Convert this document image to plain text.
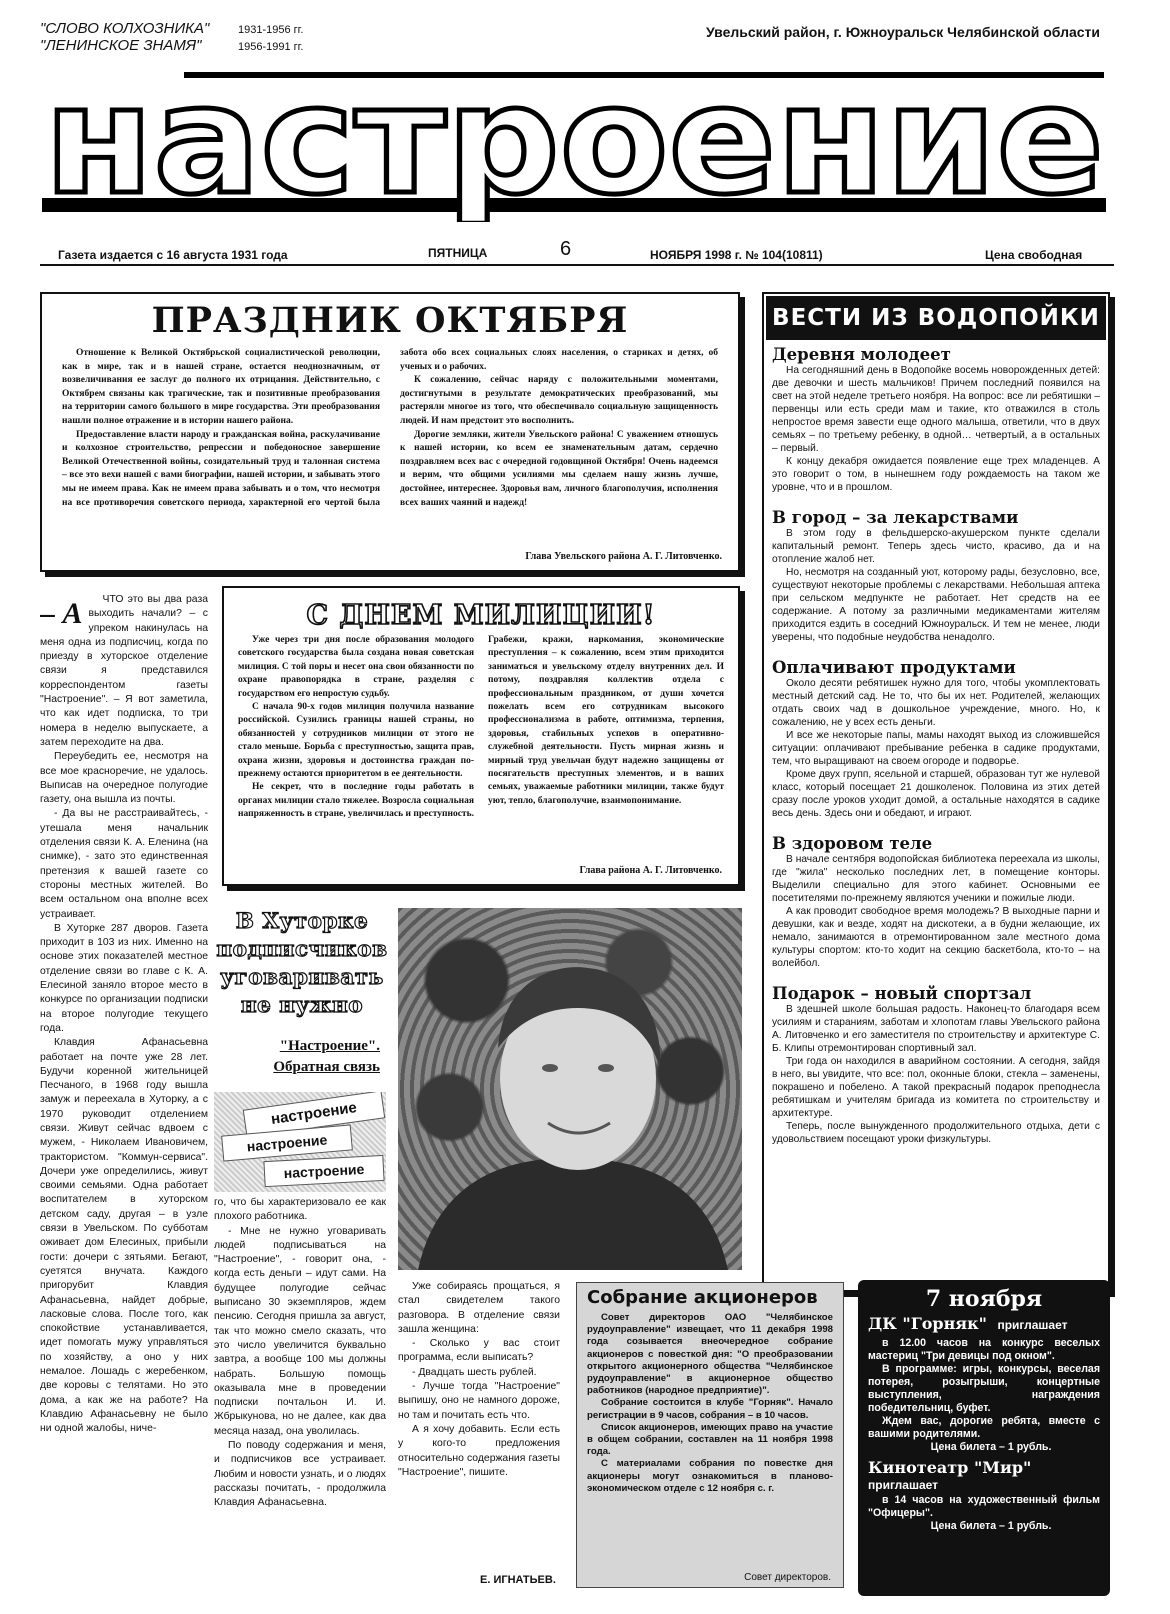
"СЛОВО КОЛХОЗНИКА"
"ЛЕНИНСКОЕ ЗНАМЯ"
1931-1956 гг.
1956-1991 гг.
Увельский район, г. Южноуральск Челябинской области
настроение
Газета издается с 16 августа 1931 года	ПЯТНИЦА	6	НОЯБРЯ 1998 г. № 104(10811)	Цена свободная
ПРАЗДНИК ОКТЯБРЯ

Отношение к Великой Октябрьской социалистической революции, как в мире, так и в нашей стране, остается неоднозначным, от возвеличивания ее заслуг до полного их отрицания. Действительно, с Октябрем связаны как трагические, так и позитивные преобразования на территории самого большого в мире государства. Эти преобразования нашли полное отражение и в истории нашего района.

Предоставление власти народу и гражданская война, раскулачивание и колхозное строительство, репрессии и победоносное завершение Великой Отечественной войны, созидательный труд и талонная система – все это вехи нашей с вами биографии, нашей истории, и забывать этого мы не имеем права. Как не имеем права забывать и о том, что несмотря на все противоречия советского периода, характерной его чертой была забота обо всех социальных слоях населения, о стариках и детях, об ученых и о рабочих.

К сожалению, сейчас наряду с положительными моментами, достигнутыми в результате демократических преобразований, мы растеряли многое из того, что обеспечивало социальную защищенность людей. И нам предстоит это восполнить.

Дорогие земляки, жители Увельского района! С уважением отношусь к нашей истории, ко всем ее знаменательным датам, сердечно поздравляем всех вас с очередной годовщиной Октября! Очень надеемся и верим, что общими усилиями мы сделаем нашу жизнь лучше, достойнее, интереснее. Здоровья вам, личного благополучия, исполнения всех ваших чаяний и надежд!

Глава Увельского района А. Г. Литовченко.
ВЕСТИ ИЗ ВОДОПОЙКИ
Деревня молодеет

На сегодняшний день в Водопойке восемь новорожденных детей: две девочки и шесть мальчиков! Причем последний появился на свет на этой неделе третьего ноября. На вопрос: все ли ребятишки – первенцы или есть среди мам и такие, кто отважился в столь непростое время завести еще одного малыша, ответили, что в двух семьях – по третьему ребенку, в одной… четвертый, а в остальных – первый.

К концу декабря ожидается появление еще трех младенцев. А это говорит о том, в нынешнем году рождаемость на таком же уровне, что и в прошлом.

В город – за лекарствами

В этом году в фельдшерско-акушерском пункте сделали капитальный ремонт. Теперь здесь чисто, красиво, да и на отопление жалоб нет.

Но, несмотря на созданный уют, которому рады, безусловно, все, существуют некоторые проблемы с лекарствами. Небольшая аптека при сельском медпункте не работает. Нет средств на ее содержание. А потому за различными медикаментами жителям приходится ездить в соседний Южноуральск. И тем не менее, люди уверены, что подобные неудобства ненадолго.

Оплачивают продуктами

Около десяти ребятишек нужно для того, чтобы укомплектовать местный детский сад. Не то, что бы их нет. Родителей, желающих отдать своих чад в дошкольное учреждение, много. Но, к сожалению, не у всех есть деньги.

И все же некоторые папы, мамы находят выход из сложившейся ситуации: оплачивают пребывание ребенка в садике продуктами, тем, что выращивают на своем огороде и подворье.

Кроме двух групп, ясельной и старшей, образован тут же нулевой класс, который посещает 21 дошколенок. Половина из этих детей сразу после уроков уходит домой, а остальные находятся в садике весь день. Здесь они и обедают, и играют.

В здоровом теле

В начале сентября водопойская библиотека переехала из школы, где "жила" несколько последних лет, в помещение конторы. Выделили специально для этого кабинет. Основными ее посетителями по-прежнему являются ученики и пожилые люди.

А как проводит свободное время молодежь? В выходные парни и девушки, как и везде, ходят на дискотеки, а в будни желающие, их немало, занимаются в отремонтированном зале местного дома культуры спортом: кто-то ходит на секцию баскетбола, кто-то – на волейбол.

Подарок – новый спортзал

В здешней школе большая радость. Наконец-то благодаря всем усилиям и стараниям, заботам и хлопотам главы Увельского района А. Литовченко и его заместителя по строительству и архитектуре С. Б. Клипы отремонтирован спортивный зал.

Три года он находился в аварийном состоянии. А сегодня, зайдя в него, вы увидите, что все: пол, оконные блоки, стекла – заменены, покрашено и побелено. А такой прекрасный подарок преподнесла ребятишкам и учителям бригада из комитета по строительству и архитектуре.

Теперь, после вынужденного продолжительного отдыха, дети с удовольствием посещают уроки физкультуры.

С ДНЕМ МИЛИЦИИ!

Уже через три дня после образования молодого советского государства была создана новая советская милиция. С той поры и несет она свои обязанности по охране правопорядка в стране, разделяя с государством его непростую судьбу.

С начала 90-х годов милиция получила название российской. Сузились границы нашей страны, но обязанностей у сотрудников милиции от этого не стало меньше. Борьба с преступностью, защита прав, охрана жизни, здоровья и достоинства граждан по-прежнему остаются приоритетом в ее деятельности.

Не секрет, что в последние годы работать в органах милиции стало тяжелее. Возросла социальная напряженность в стране, увеличилась и преступность. Грабежи, кражи, наркомания, экономические преступления – к сожалению, всем этим приходится заниматься и увельскому отделу внутренних дел. И потому, поздравляя коллектив отдела с профессиональным праздником, от души хочется пожелать всем его сотрудникам высокого профессионализма в работе, оптимизма, терпения, здоровья, стабильных успехов в оперативно-служебной деятельности. Пусть мирная жизнь и мирный труд увельчан будут надежно защищены от посягательств преступных элементов, и в ваших семьях, уважаемые работники милиции, также будут уют, тепло, благополучие, взаимопонимание.

Глава района А. Г. Литовченко.
– А	ЧТО это вы два раза выходить начали? – с упреком накинулась на меня одна из подписчиц, когда по приезду в хуторское отделение связи я представился корреспондентом газеты "Настроение". – Я вот заметила, что как идет подписка, то три номера в неделю выпускаете, а затем переходите на два.

Переубедить ее, несмотря на все мое красноречие, не удалось. Выписав на очередное полугодие газету, она вышла из почты.

- Да вы не расстраивайтесь, - утешала меня начальник отделения связи К. А. Еленина (на снимке), - зато это единственная претензия к вашей газете со стороны местных жителей. Во всем остальном она вполне всех устраивает.

В Хуторке 287 дворов. Газета приходит в 103 из них. Именно на основе этих показателей местное отделение связи во главе с К. А. Елесиной заняло второе место в конкурсе по организации подписки на второе полугодие текущего года.

Клавдия Афанасьевна работает на почте уже 28 лет. Будучи коренной жительницей Песчаного, в 1968 году вышла замуж и переехала в Хуторку, а с 1970 руководит отделением связи. Живут сейчас вдвоем с мужем, - Николаем Ивановичем, трактористом. "Коммун-сервиса". Дочери уже определились, живут своими семьями. Одна работает воспитателем в хуторском детском саду, другая – в узле связи в Увельском. По субботам оживает дом Елесиных, прибыли гости: дочери с зятьями. Бегают, суетятся внучата. Каждого пригорубит Клавдия Афанасьевна, найдет добрые, ласковые слова. После того, как спокойствие устанавливается, идет помогать мужу управляться по хозяйству, а оно у них немалое. Лошадь с жеребенком, две коровы с телятами. Но это дома, а как же на работе? На Клавдию Афанасьевну не было ни одной жалобы, ниче-

В Хуторке подписчиков уговаривать не нужно
"Настроение". Обратная связь
настроение
настроение
настроение

го, что бы характеризовало ее как плохого работника.

- Мне не нужно уговаривать людей подписываться на "Настроение", - говорит она, - когда есть деньги – идут сами. На будущее полугодие сейчас выписано 30 экземпляров, ждем пенсию. Сегодня пришла за август, так что можно смело сказать, что это число увеличится буквально завтра, а вообще 100 мы должны набрать. Большую помощь оказывала мне в проведении подписки почтальон И. И. Жбрыкунова, но не далее, как два месяца назад, она уволилась.

По поводу содержания и меня, и подписчиков все устраивает. Любим и новости узнать, и о людях рассказы почитать, - продолжила Клавдия Афанасьевна.

Уже собираясь прощаться, я стал свидетелем такого разговора. В отделение связи зашла женщина:

- Сколько у вас стоит программа, если выписать?

- Двадцать шесть рублей.

- Лучше тогда "Настроение" выпишу, оно не намного дороже, но там и почитать есть что.

А я хочу добавить. Если есть у кого-то предложения относительно содержания газеты "Настроение", пишите.

Е. ИГНАТЬЕВ.
Собрание акционеров

Совет директоров ОАО "Челябинское рудоуправление" извещает, что 11 декабря 1998 года созывается внеочередное собрание акционеров с повесткой дня: "О преобразовании открытого акционерного общества "Челябинское рудоуправление" в акционерное общество работников (народное предприятие)".

Собрание состоится в клубе "Горняк". Начало регистрации в 9 часов, собрания – в 10 часов.

Список акционеров, имеющих право на участие в общем собрании, составлен на 11 ноября 1998 года.

С материалами собрания по повестке дня акционеры могут ознакомиться в планово-экономическом отделе с 12 ноября с. г.

Совет директоров.
7 ноября
ДК "Горняк" приглашает

в 12.00 часов на конкурс веселых мастериц "Три девицы под окном".

В программе: игры, конкурсы, веселая потерея, розыгрыши, концертные выступления, награждения победительниц, буфет.

Ждем вас, дорогие ребята, вместе с вашими родителями.

Цена билета – 1 рубль.

Кинотеатр "Мир"
приглашает

в 14 часов на художественный фильм "Офицеры".

Цена билета – 1 рубль.
